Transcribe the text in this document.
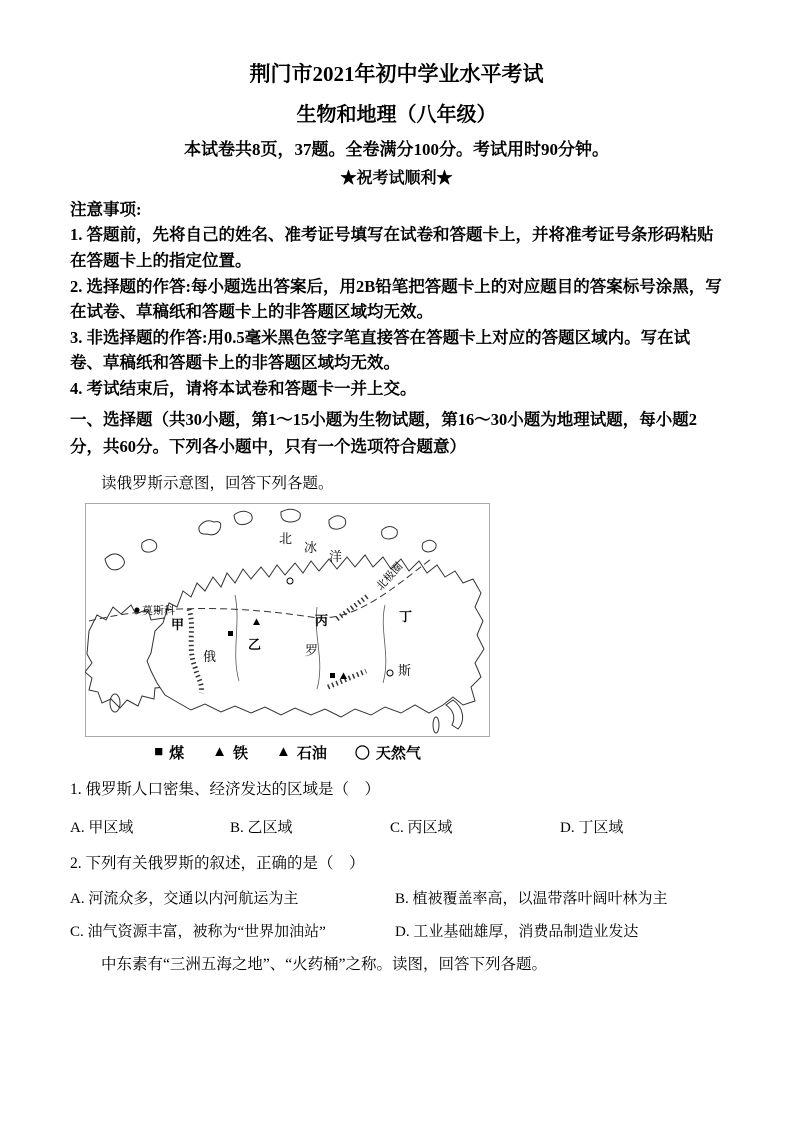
荆门市2021年初中学业水平考试
生物和地理（八年级）
本试卷共8页，37题。全卷满分100分。考试用时90分钟。
★祝考试顺利★
注意事项:
1. 答题前，先将自己的姓名、准考证号填写在试卷和答题卡上，并将准考证号条形码粘贴在答题卡上的指定位置。
2. 选择题的作答:每小题选出答案后，用2B铅笔把答题卡上的对应题目的答案标号涂黑，写在试卷、草稿纸和答题卡上的非答题区域均无效。
3. 非选择题的作答:用0.5毫米黑色签字笔直接答在答题卡上对应的答题区域内。写在试卷、草稿纸和答题卡上的非答题区域均无效。
4. 考试结束后，请将本试卷和答题卡一并上交。
一、选择题（共30小题，第1～15小题为生物试题，第16～30小题为地理试题，每小题2分，共60分。下列各小题中，只有一个选项符合题意）
读俄罗斯示意图，回答下列各题。
莫斯科
北
冰
洋
北极圈
甲
乙
丙	丁
俄	罗
斯
■ 煤 ▲ 铁 ▲ 石油 〇 天然气
1. 俄罗斯人口密集、经济发达的区域是（　）
A. 甲区域	B. 乙区域	C. 丙区域	D. 丁区域
2. 下列有关俄罗斯的叙述，正确的是（　）
A. 河流众多，交通以内河航运为主	B. 植被覆盖率高，以温带落叶阔叶林为主
C. 油气资源丰富，被称为“世界加油站”	D. 工业基础雄厚，消费品制造业发达
中东素有“三洲五海之地”、“火药桶”之称。读图，回答下列各题。
